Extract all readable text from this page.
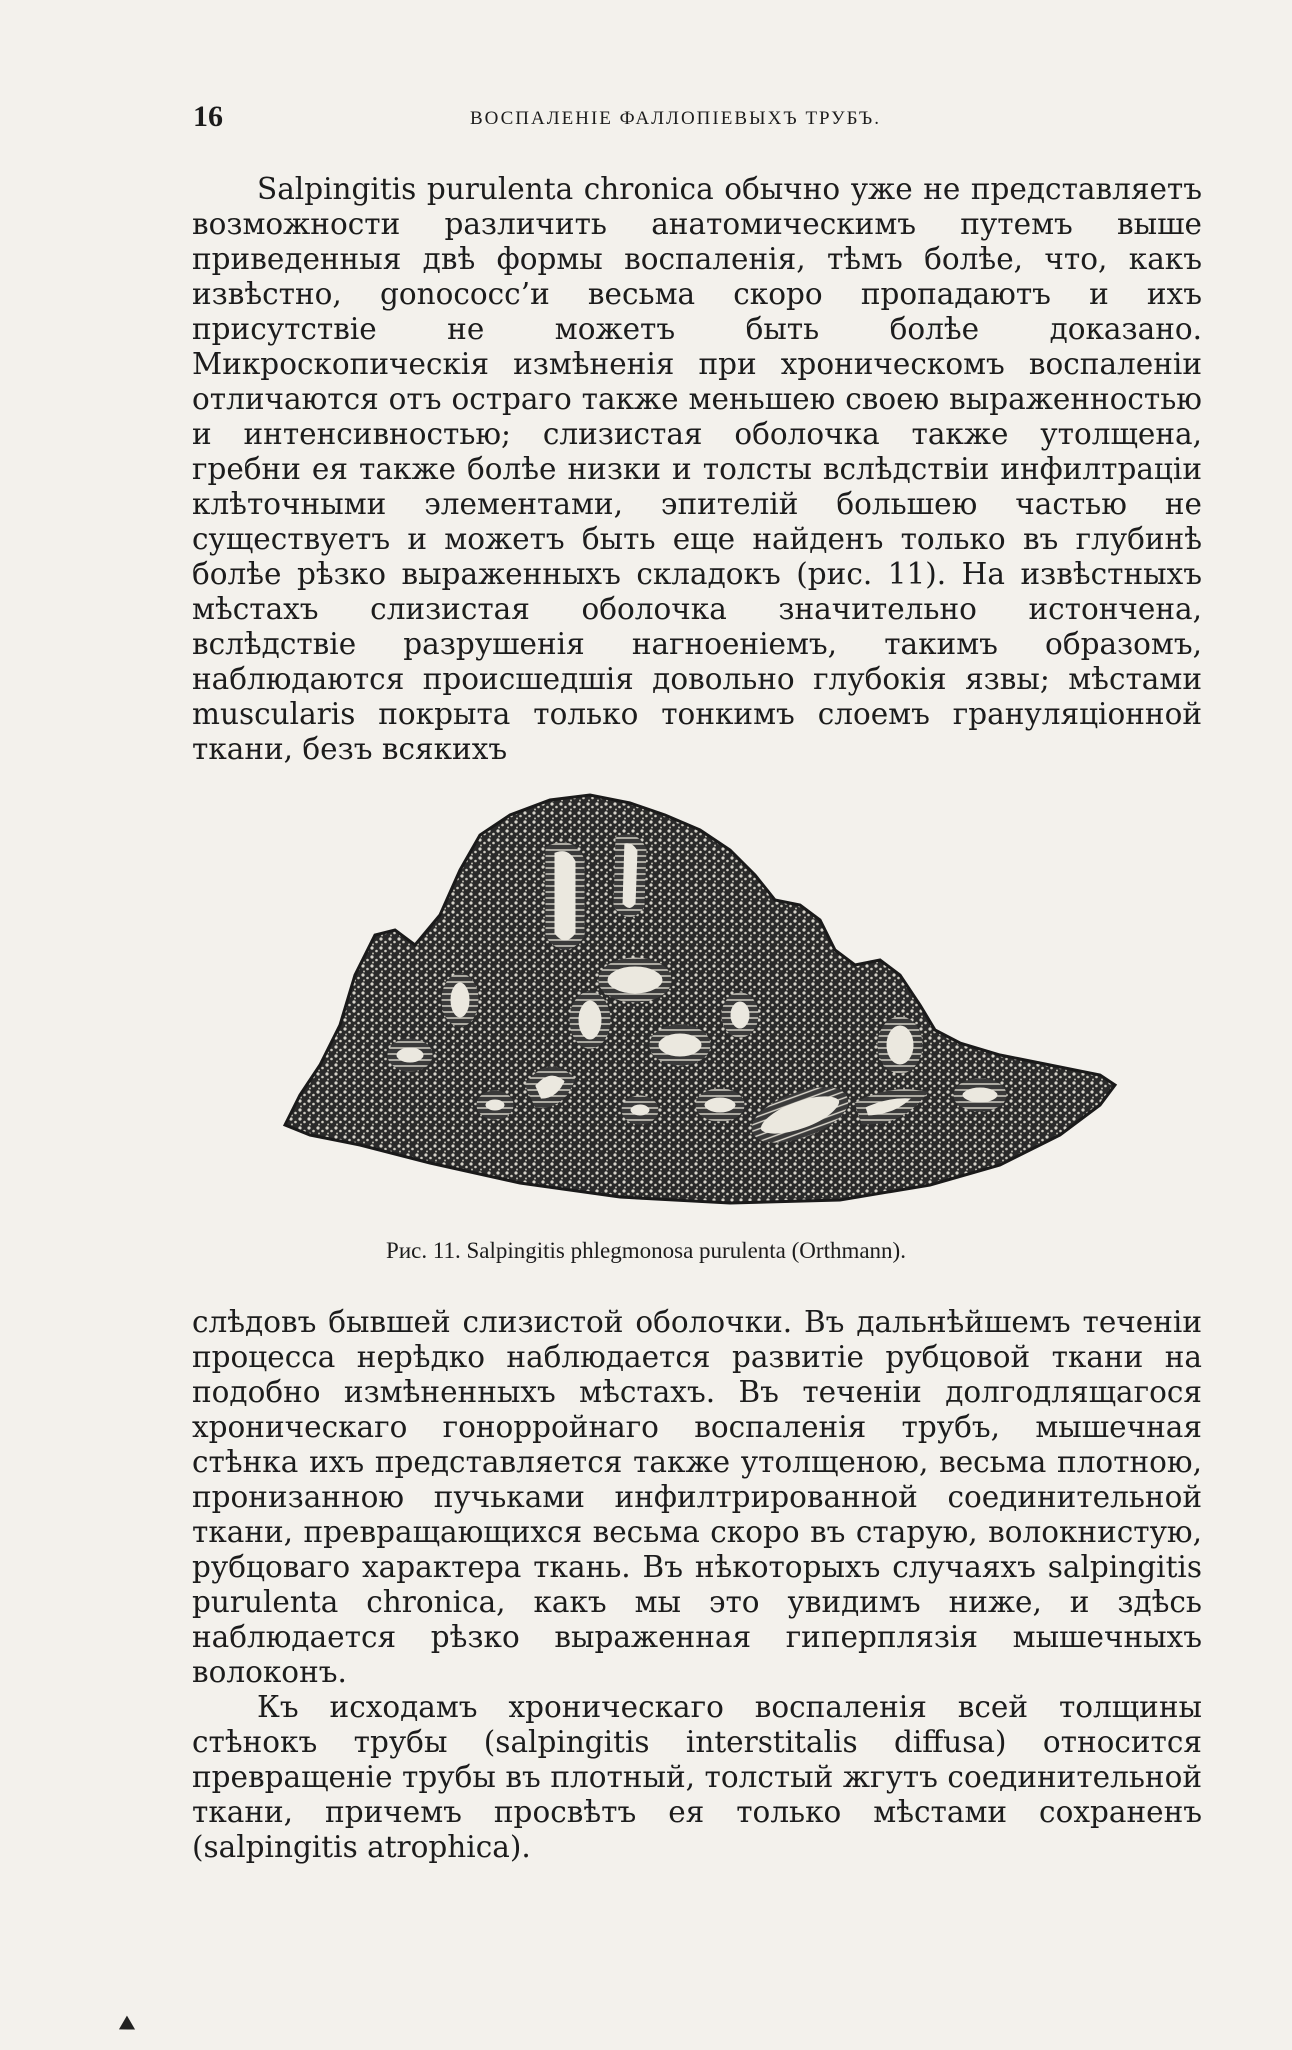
16	ВОСПАЛЕНІЕ ФАЛЛОПІЕВЫХЪ ТРУБЪ.

Salpingitis purulenta chronica обычно уже не представляетъ возможности различить анатомическимъ путемъ выше приведенныя двѣ формы воспаленія, тѣмъ болѣе, что, какъ извѣстно, gonococc’и весьма скоро пропадаютъ и ихъ присутствіе не можетъ быть болѣе доказано. Микроскопическія измѣненія при хроническомъ воспаленіи отличаются отъ остраго также меньшею своею выраженностью и интенсивностью; слизистая оболочка также утолщена, гребни ея также болѣе низки и толсты вслѣдствіи инфилтраціи клѣточными элементами, эпителій большею частью не существуетъ и можетъ быть еще найденъ только въ глубинѣ болѣе рѣзко выраженныхъ складокъ (рис. 11). На извѣстныхъ мѣстахъ слизистая оболочка значительно истончена, вслѣдствіе разрушенія нагноеніемъ, такимъ образомъ, наблюдаются происшедшія довольно глубокія язвы; мѣстами muscularis покрыта только тонкимъ слоемъ грануляціонной ткани, безъ всякихъ

Рис. 11. Salpingitis phlegmonosa purulenta (Orthmann).

слѣдовъ бывшей слизистой оболочки. Въ дальнѣйшемъ теченіи процесса нерѣдко наблюдается развитіе рубцовой ткани на подобно измѣненныхъ мѣстахъ. Въ теченіи долгодлящагося хроническаго гонорройнаго воспаленія трубъ, мышечная стѣнка ихъ представляется также утолщеною, весьма плотною, пронизанною пучьками инфилтрированной соединительной ткани, превращающихся весьма скоро въ старую, волокнистую, рубцоваго характера ткань. Въ нѣкоторыхъ случаяхъ salpingitis purulenta chronica, какъ мы это увидимъ ниже, и здѣсь наблюдается рѣзко выраженная гиперплязія мышечныхъ волоконъ.

Къ исходамъ хроническаго воспаленія всей толщины стѣнокъ трубы (salpingitis interstitalis diffusa) относится превращеніе трубы въ плотный, толстый жгутъ соединительной ткани, причемъ просвѣтъ ея только мѣстами сохраненъ (salpingitis atrophica).
